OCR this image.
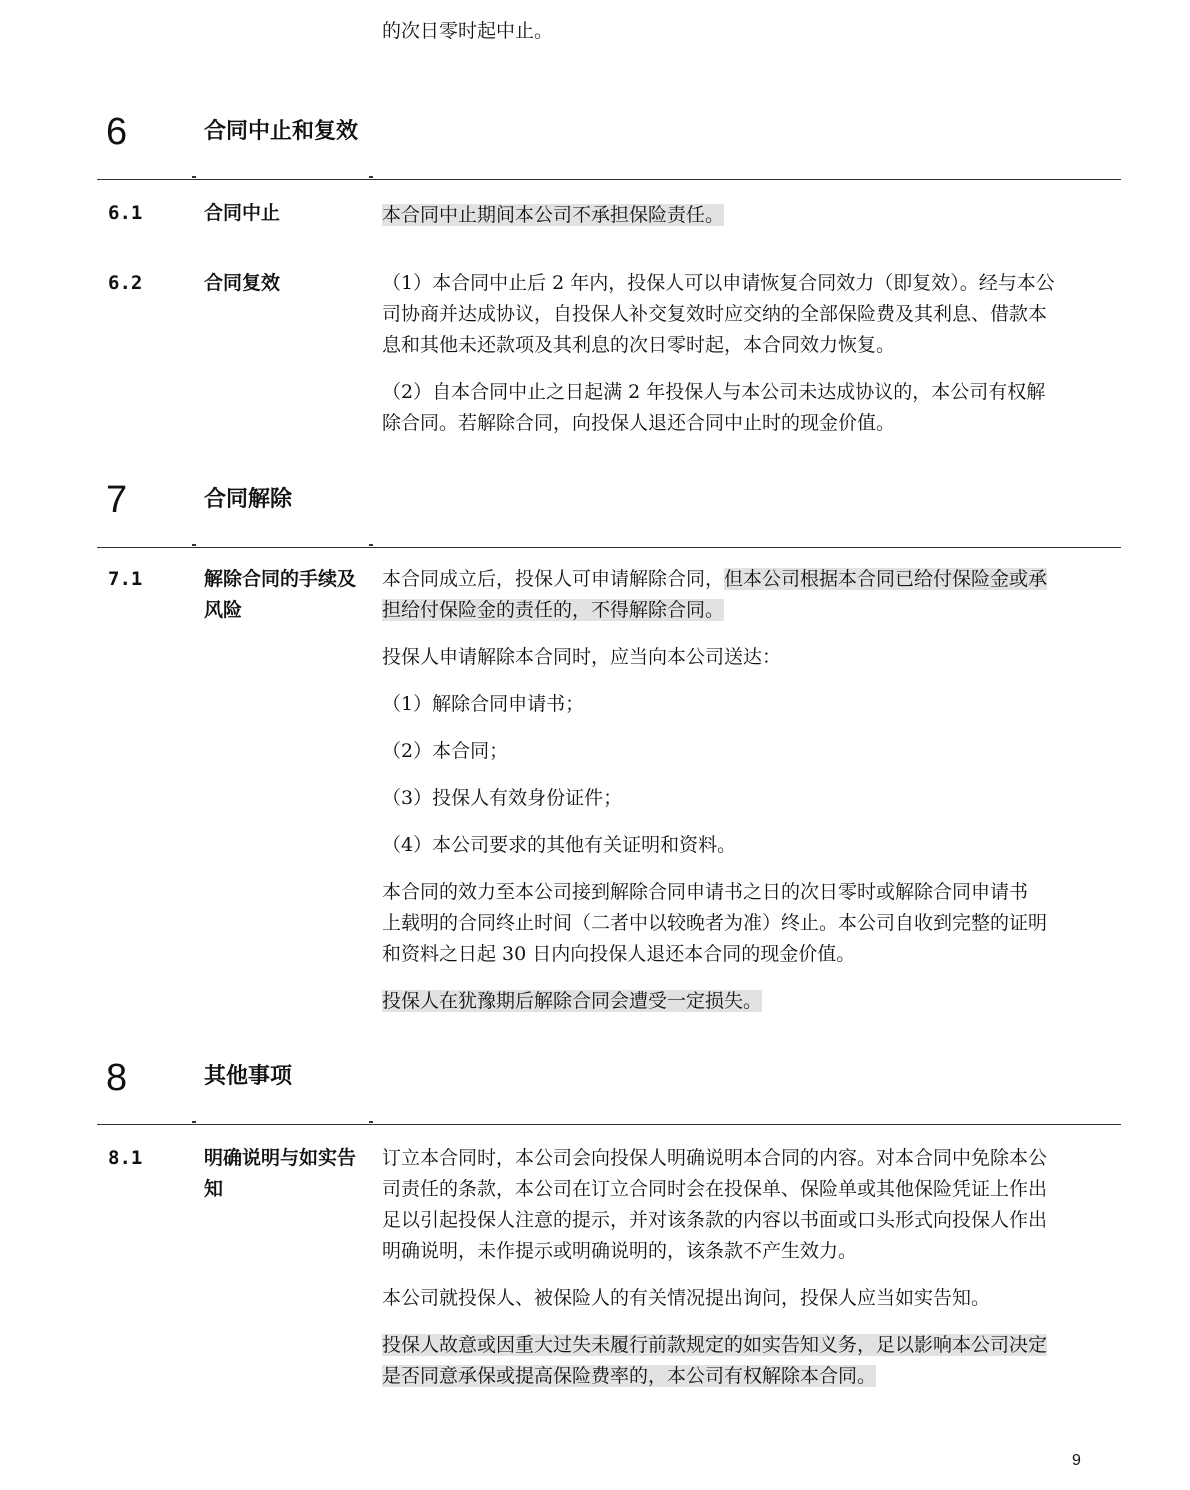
的次日零时起中止。
6	合同中止和复效
6.1	合同中止	本合同中止期间本公司不承担保险责任。

6.2	合同复效	（1）本合同中止后 2 年内，投保人可以申请恢复合同效力（即复效）。经与本公
司协商并达成协议，自投保人补交复效时应交纳的全部保险费及其利息、借款本
息和其他未还款项及其利息的次日零时起，本合同效力恢复。

（2）自本合同中止之日起满 2 年投保人与本公司未达成协议的，本公司有权解
除合同。若解除合同，向投保人退还合同中止时的现金价值。

7	合同解除
7.1	解除合同的手续及风险

本合同成立后，投保人可申请解除合同，但本公司根据本合同已给付保险金或承
担给付保险金的责任的，不得解除合同。

投保人申请解除本合同时，应当向本公司送达：

（1）解除合同申请书；

（2）本合同；

（3）投保人有效身份证件；

（4）本公司要求的其他有关证明和资料。

本合同的效力至本公司接到解除合同申请书之日的次日零时或解除合同申请书
上载明的合同终止时间（二者中以较晚者为准）终止。本公司自收到完整的证明
和资料之日起 30 日内向投保人退还本合同的现金价值。

投保人在犹豫期后解除合同会遭受一定损失。

8	其他事项
8.1	明确说明与如实告知

订立本合同时，本公司会向投保人明确说明本合同的内容。对本合同中免除本公
司责任的条款，本公司在订立合同时会在投保单、保险单或其他保险凭证上作出
足以引起投保人注意的提示，并对该条款的内容以书面或口头形式向投保人作出
明确说明，未作提示或明确说明的，该条款不产生效力。

本公司就投保人、被保险人的有关情况提出询问，投保人应当如实告知。

投保人故意或因重大过失未履行前款规定的如实告知义务，足以影响本公司决定
是否同意承保或提高保险费率的，本公司有权解除本合同。

9
